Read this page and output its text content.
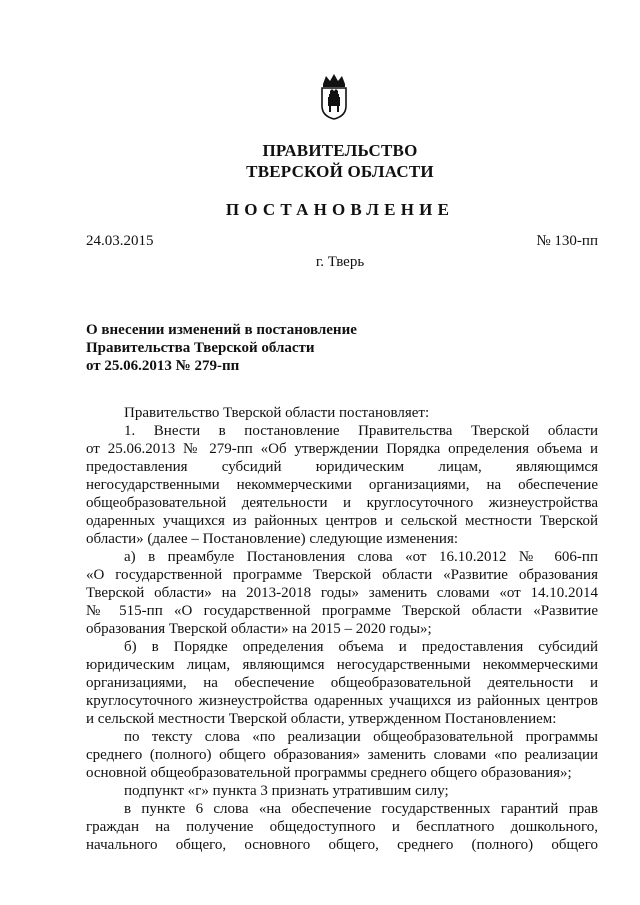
ПРАВИТЕЛЬСТВО
ТВЕРСКОЙ ОБЛАСТИ
ПОСТАНОВЛЕНИЕ
24.03.2015	№ 130-пп
г. Тверь
О внесении изменений в постановление
Правительства Тверской области
от 25.06.2013 № 279-пп
Правительство Тверской области постановляет:
1. Внести в постановление Правительства Тверской области
от 25.06.2013 № 279-пп «Об утверждении Порядка определения объема и
предоставления субсидий юридическим лицам, являющимся
негосударственными некоммерческими организациями, на обеспечение
общеобразовательной деятельности и круглосуточного жизнеустройства
одаренных учащихся из районных центров и сельской местности Тверской
области» (далее – Постановление) следующие изменения:
а) в преамбуле Постановления слова «от 16.10.2012 № 606-пп
«О государственной программе Тверской области «Развитие образования
Тверской области» на 2013-2018 годы» заменить словами «от 14.10.2014
№ 515-пп «О государственной программе Тверской области «Развитие
образования Тверской области» на 2015 – 2020 годы»;
б) в Порядке определения объема и предоставления субсидий
юридическим лицам, являющимся негосударственными некоммерческими
организациями, на обеспечение общеобразовательной деятельности и
круглосуточного жизнеустройства одаренных учащихся из районных центров
и сельской местности Тверской области, утвержденном Постановлением:
по тексту слова «по реализации общеобразовательной программы
среднего (полного) общего образования» заменить словами «по реализации
основной общеобразовательной программы среднего общего образования»;
подпункт «г» пункта 3 признать утратившим силу;
в пункте 6 слова «на обеспечение государственных гарантий прав
граждан на получение общедоступного и бесплатного дошкольного,
начального общего, основного общего, среднего (полного) общего
